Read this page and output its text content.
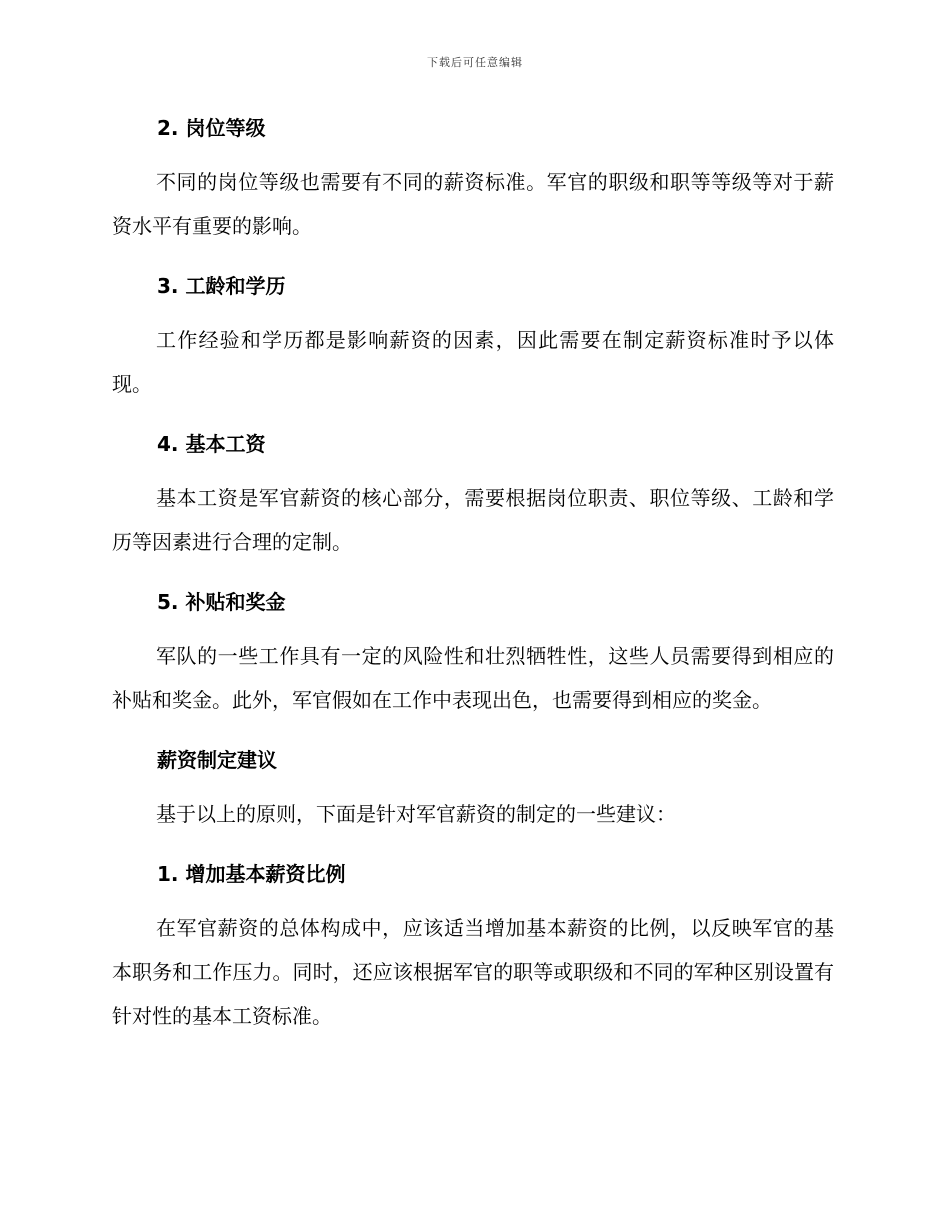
下载后可任意编辑
2. 岗位等级

不同的岗位等级也需要有不同的薪资标准。军官的职级和职等等级等对于薪资水平有重要的影响。

3. 工龄和学历

工作经验和学历都是影响薪资的因素，因此需要在制定薪资标准时予以体现。

4. 基本工资

基本工资是军官薪资的核心部分，需要根据岗位职责、职位等级、工龄和学历等因素进行合理的定制。

5. 补贴和奖金

军队的一些工作具有一定的风险性和壮烈牺牲性，这些人员需要得到相应的补贴和奖金。此外，军官假如在工作中表现出色，也需要得到相应的奖金。

薪资制定建议

基于以上的原则，下面是针对军官薪资的制定的一些建议：

1. 增加基本薪资比例

在军官薪资的总体构成中，应该适当增加基本薪资的比例，以反映军官的基本职务和工作压力。同时，还应该根据军官的职等或职级和不同的军种区别设置有针对性的基本工资标准。
